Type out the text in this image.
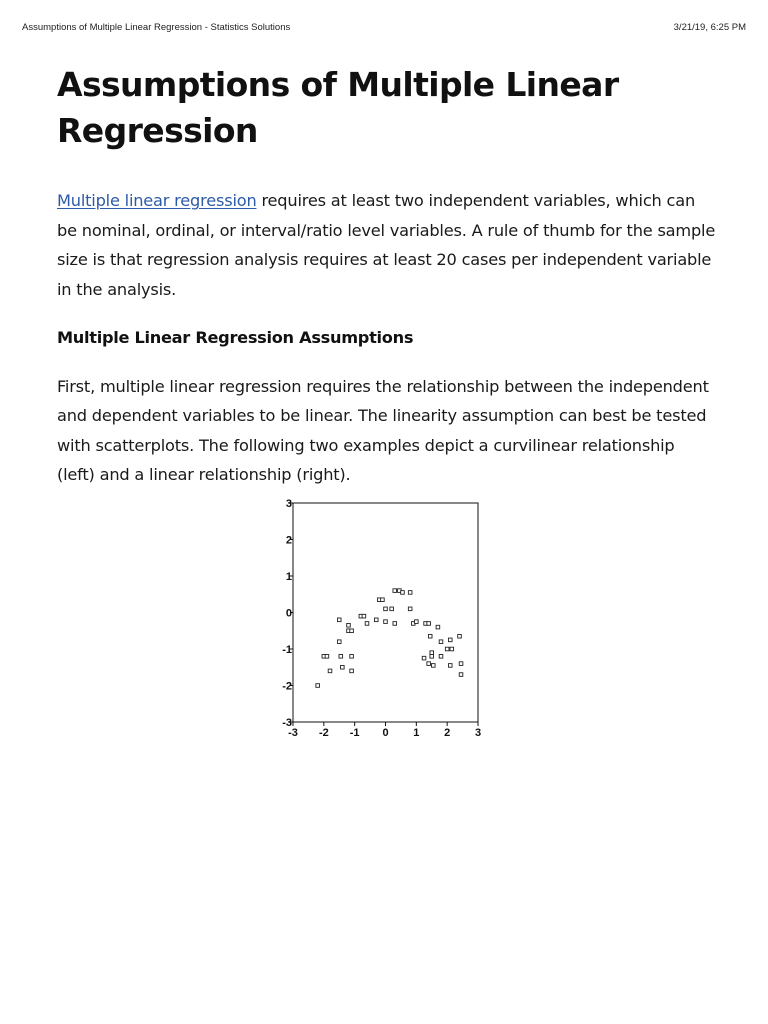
Assumptions of Multiple Linear Regression - Statistics Solutions	3/21/19, 6:25 PM
Assumptions of Multiple Linear Regression

Multiple linear regression requires at least two independent variables, which can be nominal, ordinal, or interval/ratio level variables. A rule of thumb for the sample size is that regression analysis requires at least 20 cases per independent variable in the analysis.

Multiple Linear Regression Assumptions

First, multiple linear regression requires the relationship between the independent and dependent variables to be linear. The linearity assumption can best be tested with scatterplots. The following two examples depict a curvilinear relationship (left) and a linear relationship (right).

-3 -2 -1 0 1 2 3
3
2
1
0
-1
-2
-3
